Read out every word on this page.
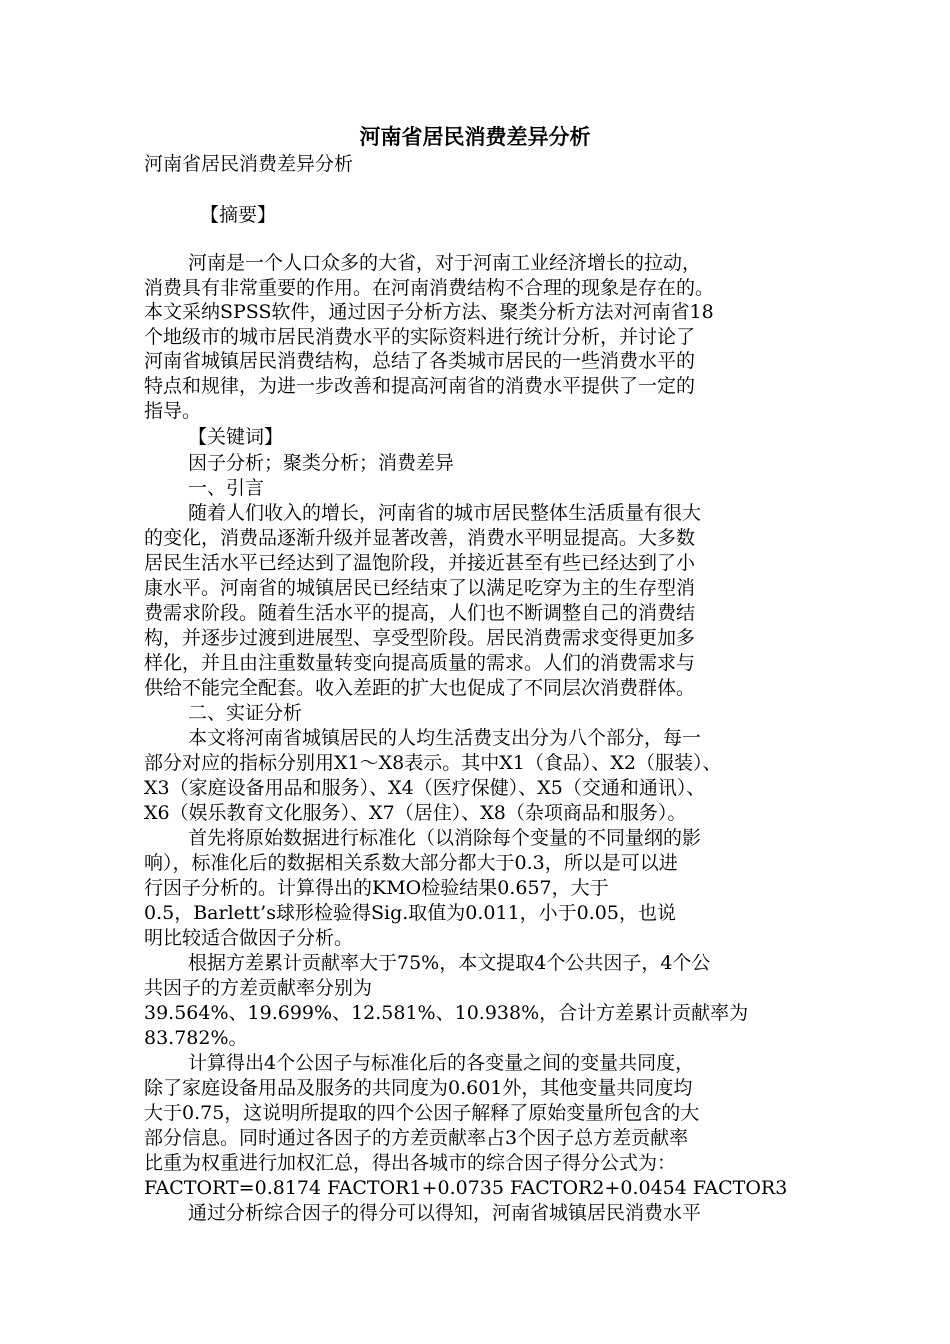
河南省居民消费差异分析
河南省居民消费差异分析
【摘要】
河南是一个人口众多的大省，对于河南工业经济增长的拉动，
消费具有非常重要的作用。在河南消费结构不合理的现象是存在的。
本文采纳SPSS软件，通过因子分析方法、聚类分析方法对河南省18
个地级市的城市居民消费水平的实际资料进行统计分析，并讨论了
河南省城镇居民消费结构，总结了各类城市居民的一些消费水平的
特点和规律，为进一步改善和提高河南省的消费水平提供了一定的
指导。
【关键词】
因子分析；聚类分析；消费差异
一、引言
随着人们收入的增长，河南省的城市居民整体生活质量有很大
的变化，消费品逐渐升级并显著改善，消费水平明显提高。大多数
居民生活水平已经达到了温饱阶段，并接近甚至有些已经达到了小
康水平。河南省的城镇居民已经结束了以满足吃穿为主的生存型消
费需求阶段。随着生活水平的提高，人们也不断调整自己的消费结
构，并逐步过渡到进展型、享受型阶段。居民消费需求变得更加多
样化，并且由注重数量转变向提高质量的需求。人们的消费需求与
供给不能完全配套。收入差距的扩大也促成了不同层次消费群体。
二、实证分析
本文将河南省城镇居民的人均生活费支出分为八个部分，每一
部分对应的指标分别用X1～X8表示。其中X1（食品）、X2（服装）、
X3（家庭设备用品和服务）、X4（医疗保健）、X5（交通和通讯）、
X6（娱乐教育文化服务）、X7（居住）、X8（杂项商品和服务）。
首先将原始数据进行标准化（以消除每个变量的不同量纲的影
响），标准化后的数据相关系数大部分都大于0.3，所以是可以进
行因子分析的。计算得出的KMO检验结果0.657，大于
0.5，Barlett’s球形检验得Sig.取值为0.011，小于0.05，也说
明比较适合做因子分析。
根据方差累计贡献率大于75%，本文提取4个公共因子，4个公
共因子的方差贡献率分别为
39.564%、19.699%、12.581%、10.938%，合计方差累计贡献率为
83.782%。
计算得出4个公因子与标准化后的各变量之间的变量共同度，
除了家庭设备用品及服务的共同度为0.601外，其他变量共同度均
大于0.75，这说明所提取的四个公因子解释了原始变量所包含的大
部分信息。同时通过各因子的方差贡献率占3个因子总方差贡献率
比重为权重进行加权汇总，得出各城市的综合因子得分公式为：
FACTORT=0.8174 FACTOR1+0.0735 FACTOR2+0.0454 FACTOR3
通过分析综合因子的得分可以得知，河南省城镇居民消费水平
